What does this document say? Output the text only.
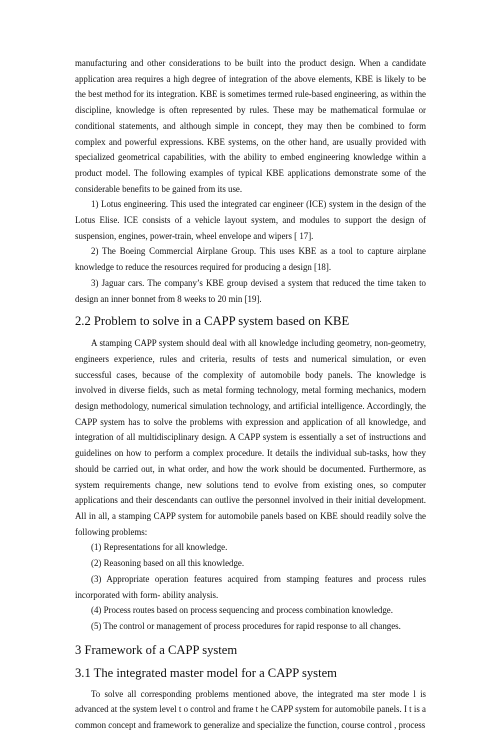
manufacturing and other considerations to be built into the product design. When a candidate application area requires a high degree of integration of the above elements, KBE is likely to be the best method for its integration. KBE is sometimes termed rule-based engineering, as within the discipline, knowledge is often represented by rules. These may be mathematical formulae or conditional statements, and although simple in concept, they may then be combined to form complex and powerful expressions. KBE systems, on the other hand, are usually provided with specialized geometrical capabilities, with the ability to embed engineering knowledge within a product model. The following examples of typical KBE applications demonstrate some of the considerable benefits to be gained from its use.

1) Lotus engineering. This used the integrated car engineer (ICE) system in the design of the Lotus Elise. ICE consists of a vehicle layout system, and modules to support the design of suspension, engines, power-train, wheel envelope and wipers [ 17].

2) The Boeing Commercial Airplane Group. This uses KBE as a tool to capture airplane knowledge to reduce the resources required for producing a design [18].

3) Jaguar cars. The company’s KBE group devised a system that reduced the time taken to design an inner bonnet from 8 weeks to 20 min [19].

2.2 Problem to solve in a CAPP system based on KBE

A stamping CAPP system should deal with all knowledge including geometry, non-geometry, engineers experience, rules and criteria, results of tests and numerical simulation, or even successful cases, because of the complexity of automobile body panels. The knowledge is involved in diverse fields, such as metal forming technology, metal forming mechanics, modern design methodology, numerical simulation technology, and artificial intelligence. Accordingly, the CAPP system has to solve the problems with expression and application of all knowledge, and integration of all multidisciplinary design. A CAPP system is essentially a set of instructions and guidelines on how to perform a complex procedure. It details the individual sub-tasks, how they should be carried out, in what order, and how the work should be documented. Furthermore, as system requirements change, new solutions tend to evolve from existing ones, so computer applications and their descendants can outlive the personnel involved in their initial development. All in all, a stamping CAPP system for automobile panels based on KBE should readily solve the following problems:

(1) Representations for all knowledge.

(2) Reasoning based on all this knowledge.

(3) Appropriate operation features acquired from stamping features and process rules incorporated with form- ability analysis.

(4) Process routes based on process sequencing and process combination knowledge.

(5) The control or management of process procedures for rapid response to all changes.

3 Framework of a CAPP system
3.1 The integrated master model for a CAPP system

To solve all corresponding problems mentioned above, the integrated ma ster mode l is advanced at the system level t o control and frame t he CAPP system for automobile panels. I t is a common concept and framework to generalize and specialize the function, course control , process
